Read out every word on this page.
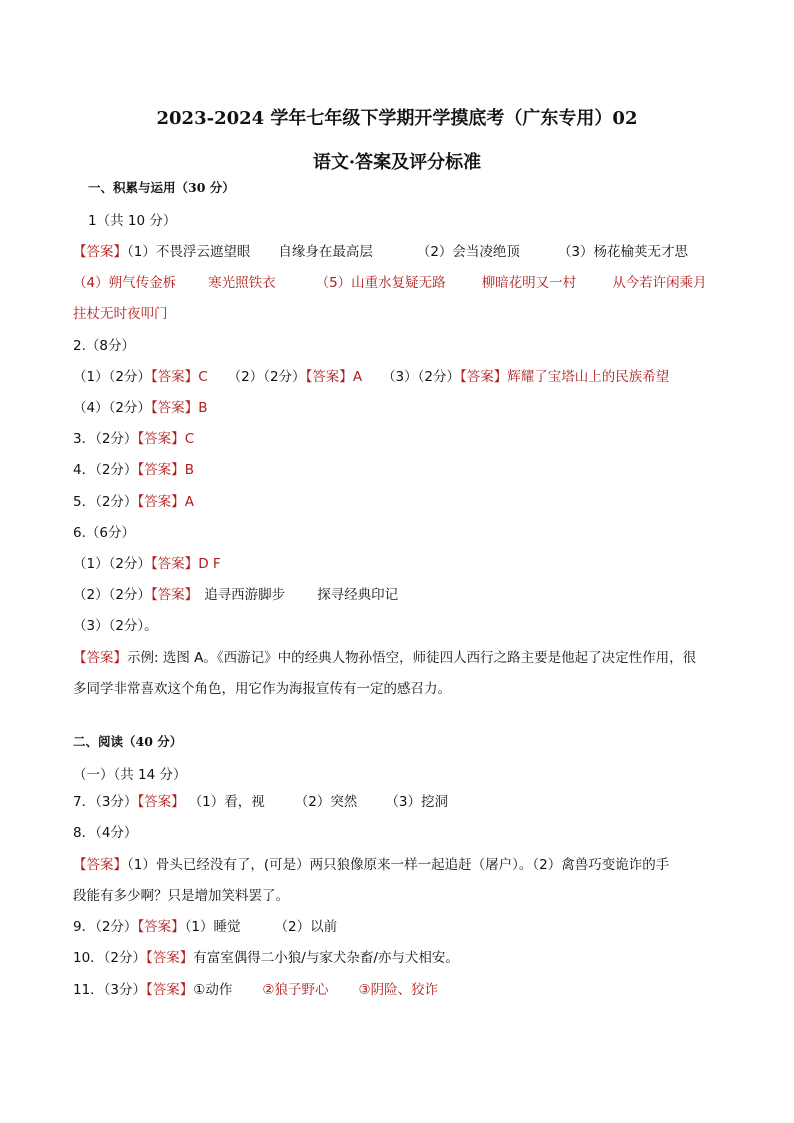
2023-2024 学年七年级下学期开学摸底考（广东专用）02
语文·答案及评分标准
一、积累与运用（30 分）
1（共 10 分）
【答案】（1）不畏浮云遮望眼 自缘身在最高层	（2）会当凌绝顶	（3）杨花榆荚无才思
（4）朔气传金柝 寒光照铁衣	（5）山重水复疑无路	柳暗花明又一村	从今若许闲乘月
拄杖无时夜叩门
2.（8分）
（1）（2分）【答案】C （2）（2分）【答案】A （3）（2分）【答案】辉耀了宝塔山上的民族希望
（4）（2分）【答案】B
3．（2分）【答案】C
4．（2分）【答案】B
5．（2分）【答案】A
6.（6分）
（1）（2分）【答案】D F
（2）（2分）【答案】 追寻西游脚步 探寻经典印记
（3）（2分）。
【答案】示例: 选图 A。《西游记》中的经典人物孙悟空，师徒四人西行之路主要是他起了决定性作用，很
多同学非常喜欢这个角色，用它作为海报宣传有一定的感召力。
二、阅读（40 分）
（一）（共 14 分）
7．（3分）【答案】 （1）看，视 （2）突然 （3）挖洞
8．（4分）
【答案】（1）骨头已经没有了，(可是）两只狼像原来一样一起追赶（屠户）。（2）禽兽巧变诡诈的手
段能有多少啊？只是增加笑料罢了。
9．（2分）【答案】（1）睡觉	（2）以前
10．（2分）【答案】有富室偶得二小狼/与家犬杂畜/亦与犬相安。
11．（3分）【答案】①动作 ②狼子野心 ③阴险、狡诈
